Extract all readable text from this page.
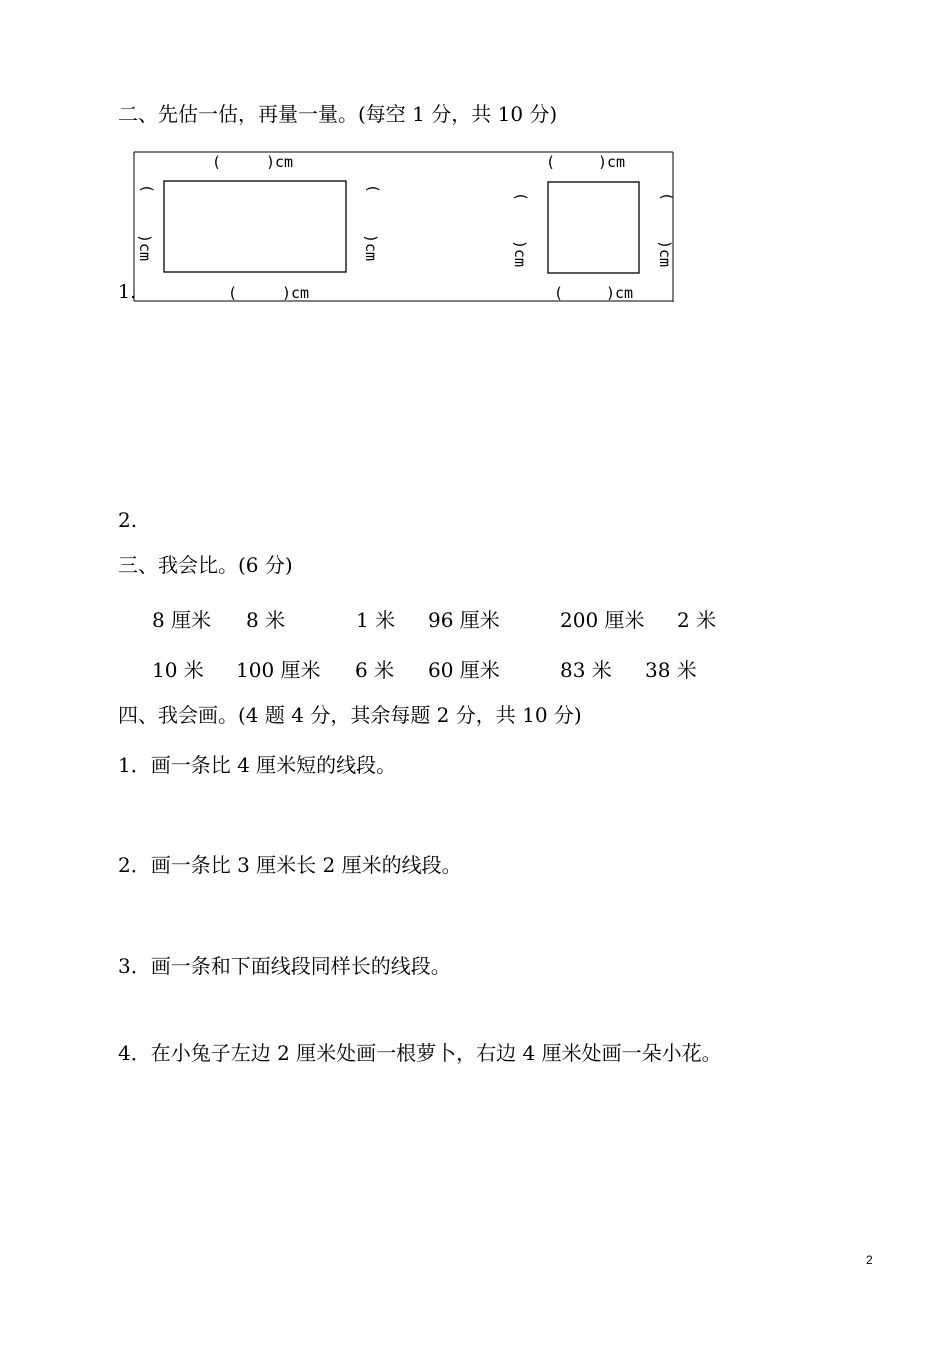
二、先估一估，再量一量。(每空 1 分，共 10 分)
(	)cm
(	)cm
(
)cm
(
)cm
(	)cm
(	)cm
(
)cm
(
)cm
1.
2.
三、我会比。(6 分)
8 厘米 8 米	1 米 96 厘米	200 厘米 2 米
10 米 100 厘米 6 米 60 厘米	83 米 38 米
四、我会画。(4 题 4 分，其余每题 2 分，共 10 分)
1．画一条比 4 厘米短的线段。
2．画一条比 3 厘米长 2 厘米的线段。
3．画一条和下面线段同样长的线段。
4．在小兔子左边 2 厘米处画一根萝卜，右边 4 厘米处画一朵小花。
2
